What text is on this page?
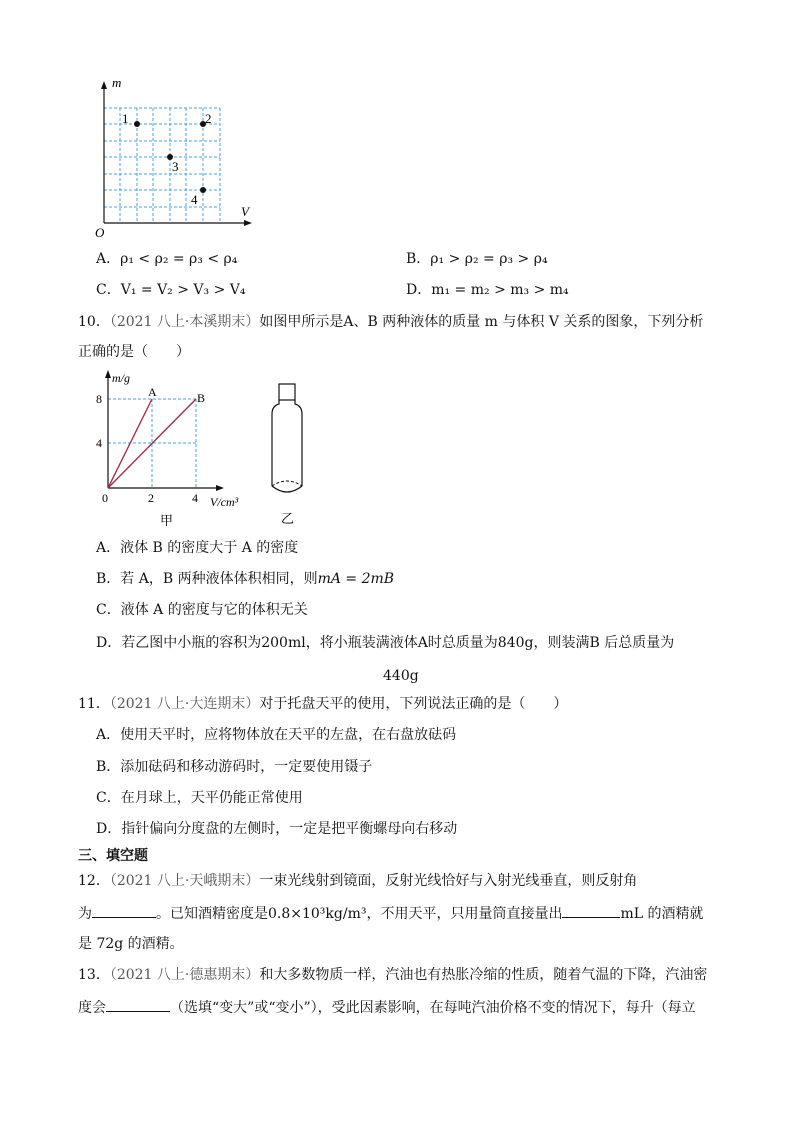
m
V
O
1	2
3
4
A．ρ₁ < ρ₂ = ρ₃ < ρ₄	B．ρ₁ > ρ₂ = ρ₃ > ρ₄
C．V₁ = V₂ > V₃ > V₄	D．m₁ = m₂ > m₃ > m₄
10．（2021 八上·本溪期末）如图甲所示是A、B 两种液体的质量 m 与体积 V 关系的图象，下列分析
正确的是（　　）
m/g
V/cm³
8
4
0	2	4
A	B
甲	乙
A．液体 B 的密度大于 A 的密度
B．若 A，B 两种液体体积相同，则mA = 2mB
C．液体 A 的密度与它的体积无关
D．若乙图中小瓶的容积为200ml，将小瓶装满液体A时总质量为840g，则装满B 后总质量为
440g
11．（2021 八上·大连期末）对于托盘天平的使用，下列说法正确的是（　　）
A．使用天平时，应将物体放在天平的左盘，在右盘放砝码
B．添加砝码和移动游码时，一定要使用镊子
C．在月球上，天平仍能正常使用
D．指针偏向分度盘的左侧时，一定是把平衡螺母向右移动
三、填空题
12．（2021 八上·天峨期末）一束光线射到镜面，反射光线恰好与入射光线垂直，则反射角
为	。已知酒精密度是0.8×10³kg/m³，不用天平，只用量筒直接量出	mL 的酒精就
是 72g 的酒精。
13．（2021 八上·德惠期末）和大多数物质一样，汽油也有热胀冷缩的性质，随着气温的下降，汽油密
度会	（选填“变大”或“变小”），受此因素影响，在每吨汽油价格不变的情况下，每升（每立
